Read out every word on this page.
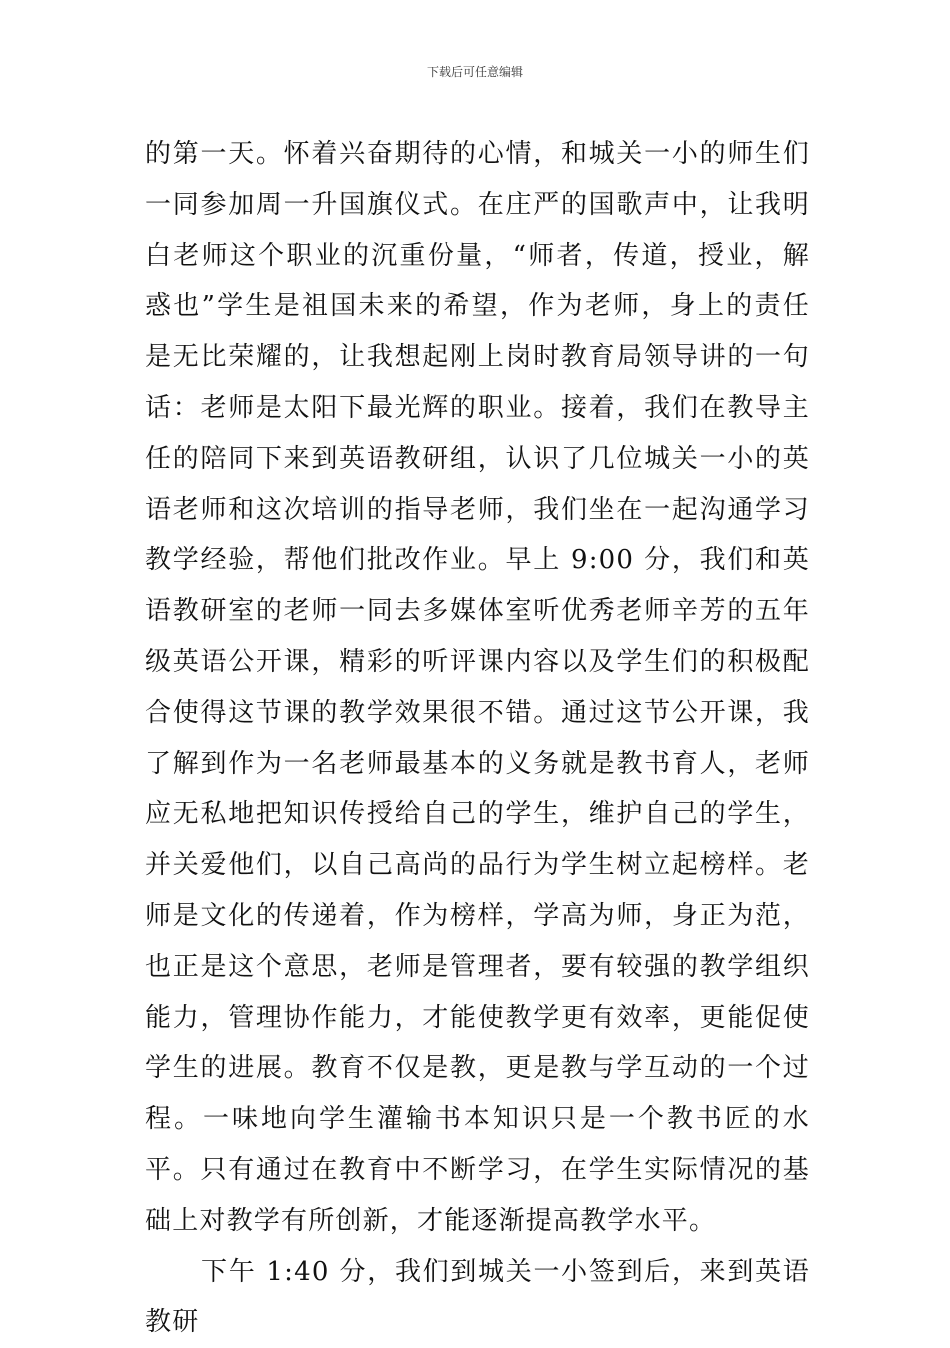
下载后可任意编辑

的第一天。怀着兴奋期待的心情，和城关一小的师生们一同参加周一升国旗仪式。在庄严的国歌声中，让我明白老师这个职业的沉重份量，“师者，传道，授业，解惑也”学生是祖国未来的希望，作为老师，身上的责任是无比荣耀的，让我想起刚上岗时教育局领导讲的一句话：老师是太阳下最光辉的职业。接着，我们在教导主任的陪同下来到英语教研组，认识了几位城关一小的英语老师和这次培训的指导老师，我们坐在一起沟通学习教学经验，帮他们批改作业。早上 9:00 分，我们和英语教研室的老师一同去多媒体室听优秀老师辛芳的五年级英语公开课，精彩的听评课内容以及学生们的积极配合使得这节课的教学效果很不错。通过这节公开课，我了解到作为一名老师最基本的义务就是教书育人，老师应无私地把知识传授给自己的学生，维护自己的学生，并关爱他们，以自己高尚的品行为学生树立起榜样。老师是文化的传递着，作为榜样，学高为师，身正为范，也正是这个意思，老师是管理者，要有较强的教学组织能力，管理协作能力，才能使教学更有效率，更能促使学生的进展。教育不仅是教，更是教与学互动的一个过程。一味地向学生灌输书本知识只是一个教书匠的水平。只有通过在教育中不断学习，在学生实际情况的基础上对教学有所创新，才能逐渐提高教学水平。

下午 1:40 分，我们到城关一小签到后，来到英语教研
